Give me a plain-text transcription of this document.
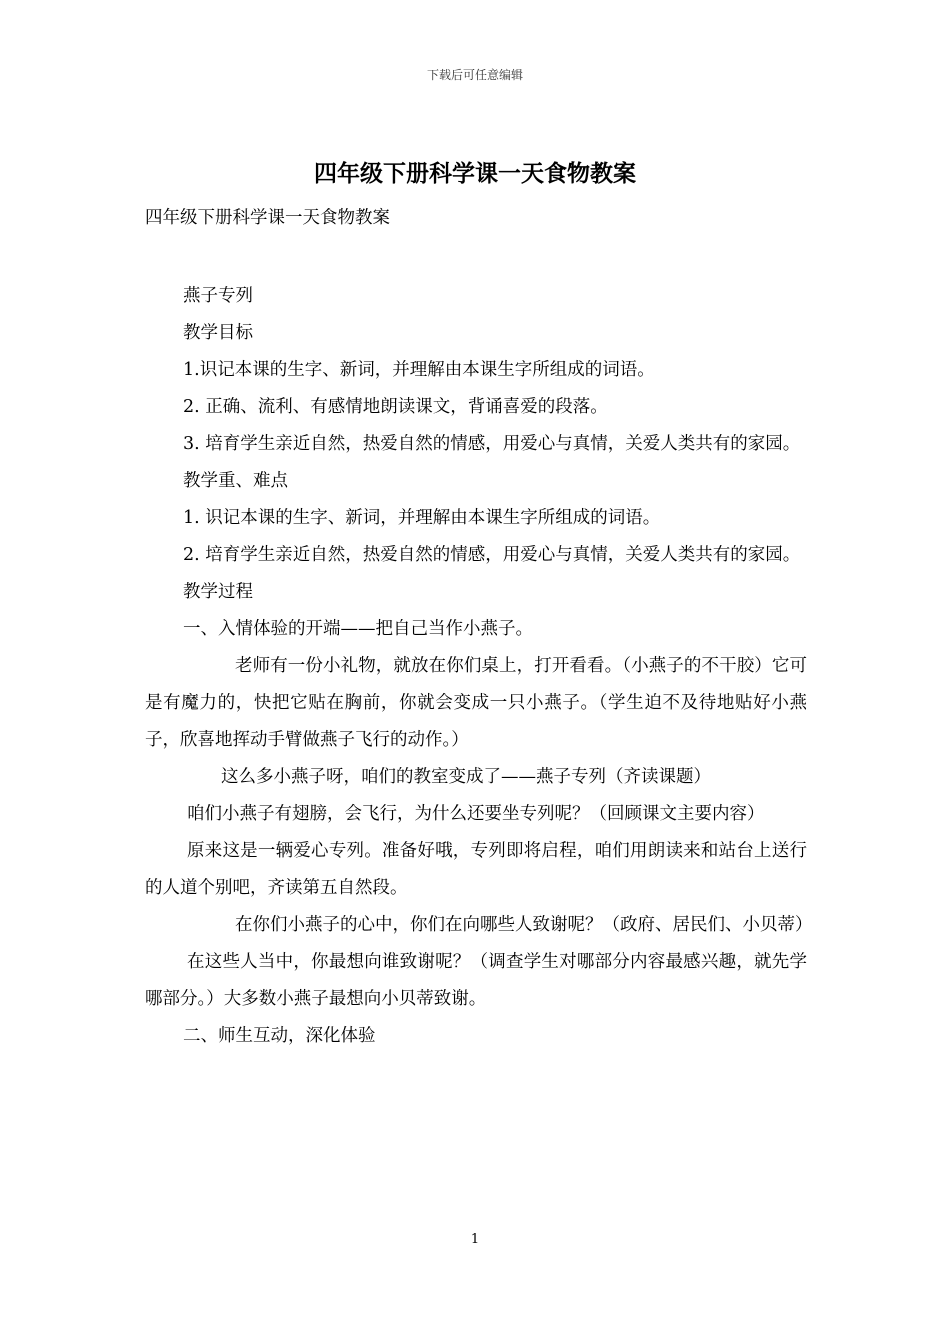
下载后可任意编辑
四年级下册科学课一天食物教案

四年级下册科学课一天食物教案

燕子专列

教学目标

1.识记本课的生字、新词，并理解由本课生字所组成的词语。

2. 正确、流利、有感情地朗读课文，背诵喜爱的段落。

3. 培育学生亲近自然，热爱自然的情感，用爱心与真情，关爱人类共有的家园。

教学重、难点

1. 识记本课的生字、新词，并理解由本课生字所组成的词语。

2. 培育学生亲近自然，热爱自然的情感，用爱心与真情，关爱人类共有的家园。

教学过程

一、入情体验的开端——把自己当作小燕子。

老师有一份小礼物，就放在你们桌上，打开看看。（小燕子的不干胶）它可是有魔力的，快把它贴在胸前，你就会变成一只小燕子。（学生迫不及待地贴好小燕子，欣喜地挥动手臂做燕子飞行的动作。）

这么多小燕子呀，咱们的教室变成了——燕子专列（齐读课题）

咱们小燕子有翅膀，会飞行，为什么还要坐专列呢？（回顾课文主要内容）

原来这是一辆爱心专列。准备好哦，专列即将启程，咱们用朗读来和站台上送行的人道个别吧，齐读第五自然段。

在你们小燕子的心中，你们在向哪些人致谢呢？（政府、居民们、小贝蒂）

在这些人当中，你最想向谁致谢呢？（调查学生对哪部分内容最感兴趣，就先学哪部分。）大多数小燕子最想向小贝蒂致谢。

二、师生互动，深化体验

1
